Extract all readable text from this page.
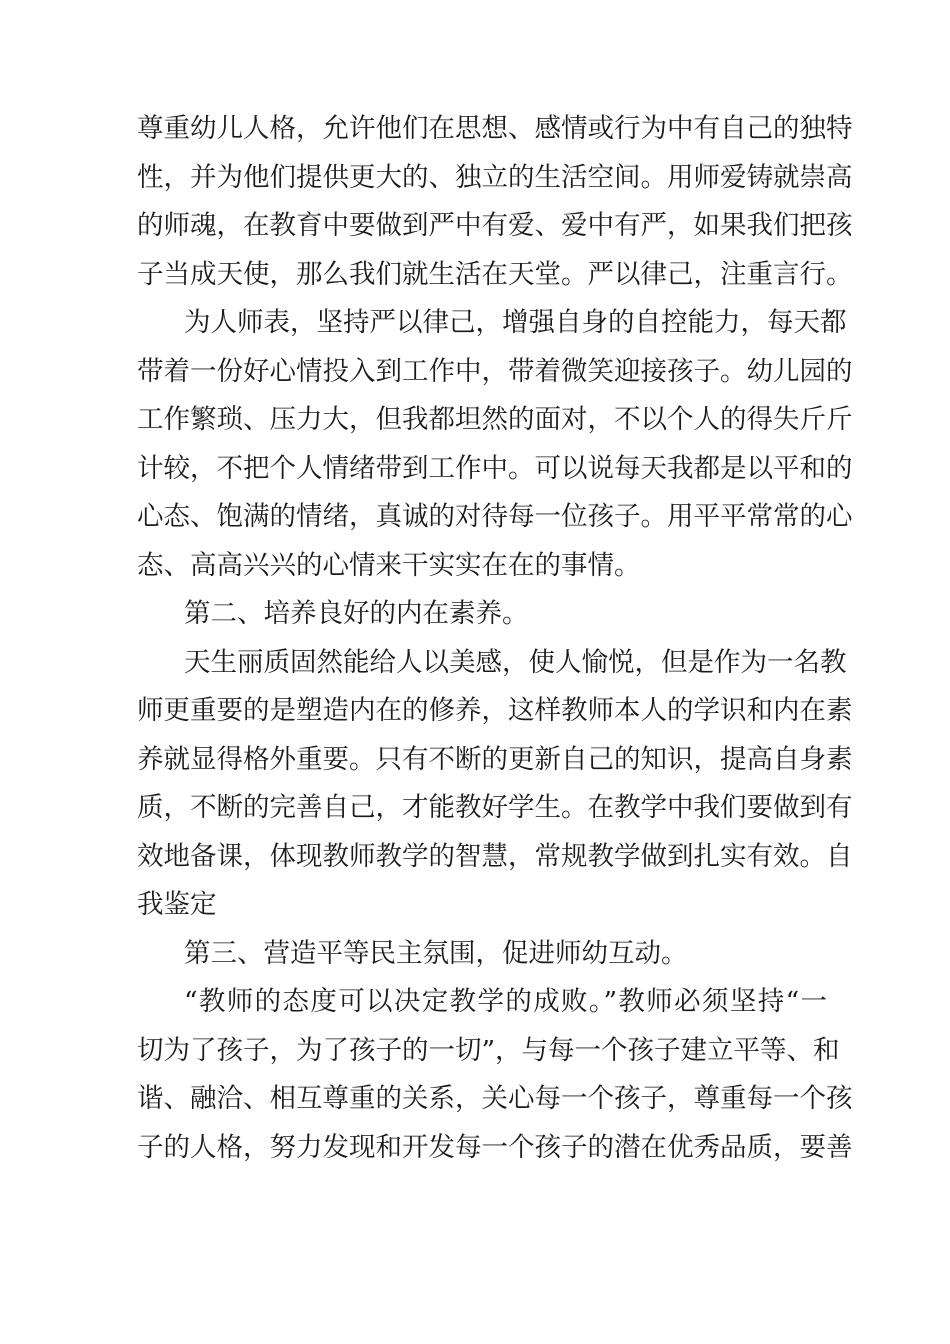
尊重幼儿人格，允许他们在思想、感情或行为中有自己的独特
性，并为他们提供更大的、独立的生活空间。用师爱铸就崇高
的师魂，在教育中要做到严中有爱、爱中有严，如果我们把孩
子当成天使，那么我们就生活在天堂。严以律己，注重言行。
为人师表，坚持严以律己，增强自身的自控能力，每天都
带着一份好心情投入到工作中，带着微笑迎接孩子。幼儿园的
工作繁琐、压力大，但我都坦然的面对，不以个人的得失斤斤
计较，不把个人情绪带到工作中。可以说每天我都是以平和的
心态、饱满的情绪，真诚的对待每一位孩子。用平平常常的心
态、高高兴兴的心情来干实实在在的事情。
第二、培养良好的内在素养。
天生丽质固然能给人以美感，使人愉悦，但是作为一名教
师更重要的是塑造内在的修养，这样教师本人的学识和内在素
养就显得格外重要。只有不断的更新自己的知识，提高自身素
质，不断的完善自己，才能教好学生。在教学中我们要做到有
效地备课，体现教师教学的智慧，常规教学做到扎实有效。自
我鉴定
第三、营造平等民主氛围，促进师幼互动。
“教师的态度可以决定教学的成败。”教师必须坚持“一
切为了孩子，为了孩子的一切”，与每一个孩子建立平等、和
谐、融洽、相互尊重的关系，关心每一个孩子，尊重每一个孩
子的人格，努力发现和开发每一个孩子的潜在优秀品质，要善
